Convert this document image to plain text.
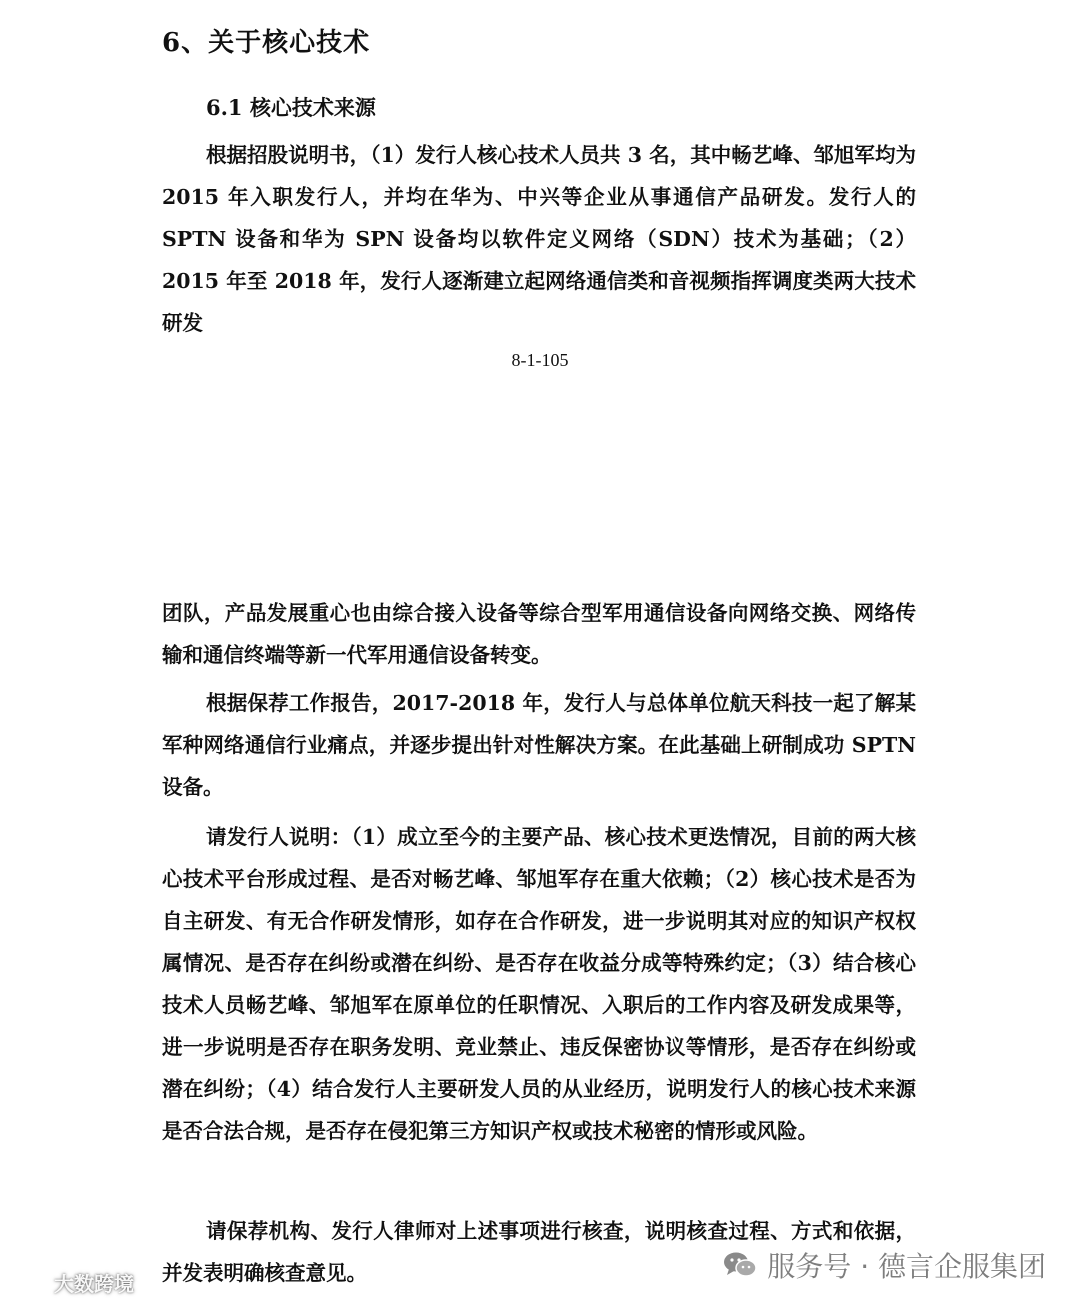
6、关于核心技术
6.1 核心技术来源

根据招股说明书，（1）发行人核心技术人员共 3 名，其中畅艺峰、邹旭军均为 2015 年入职发行人，并均在华为、中兴等企业从事通信产品研发。发行人的 SPTN 设备和华为 SPN 设备均以软件定义网络（SDN）技术为基础；（2）2015 年至 2018 年，发行人逐渐建立起网络通信类和音视频指挥调度类两大技术研发

8-1-105

团队，产品发展重心也由综合接入设备等综合型军用通信设备向网络交换、网络传输和通信终端等新一代军用通信设备转变。

根据保荐工作报告，2017-2018 年，发行人与总体单位航天科技一起了解某军种网络通信行业痛点，并逐步提出针对性解决方案。在此基础上研制成功 SPTN 设备。

请发行人说明：（1）成立至今的主要产品、核心技术更迭情况，目前的两大核心技术平台形成过程、是否对畅艺峰、邹旭军存在重大依赖；（2）核心技术是否为自主研发、有无合作研发情形，如存在合作研发，进一步说明其对应的知识产权权属情况、是否存在纠纷或潜在纠纷、是否存在收益分成等特殊约定；（3）结合核心技术人员畅艺峰、邹旭军在原单位的任职情况、入职后的工作内容及研发成果等，进一步说明是否存在职务发明、竞业禁止、违反保密协议等情形，是否存在纠纷或潜在纠纷；（4）结合发行人主要研发人员的从业经历，说明发行人的核心技术来源是否合法合规，是否存在侵犯第三方知识产权或技术秘密的情形或风险。

请保荐机构、发行人律师对上述事项进行核查，说明核查过程、方式和依据，并发表明确核查意见。

大数跨境
服务号 · 德言企服集团
